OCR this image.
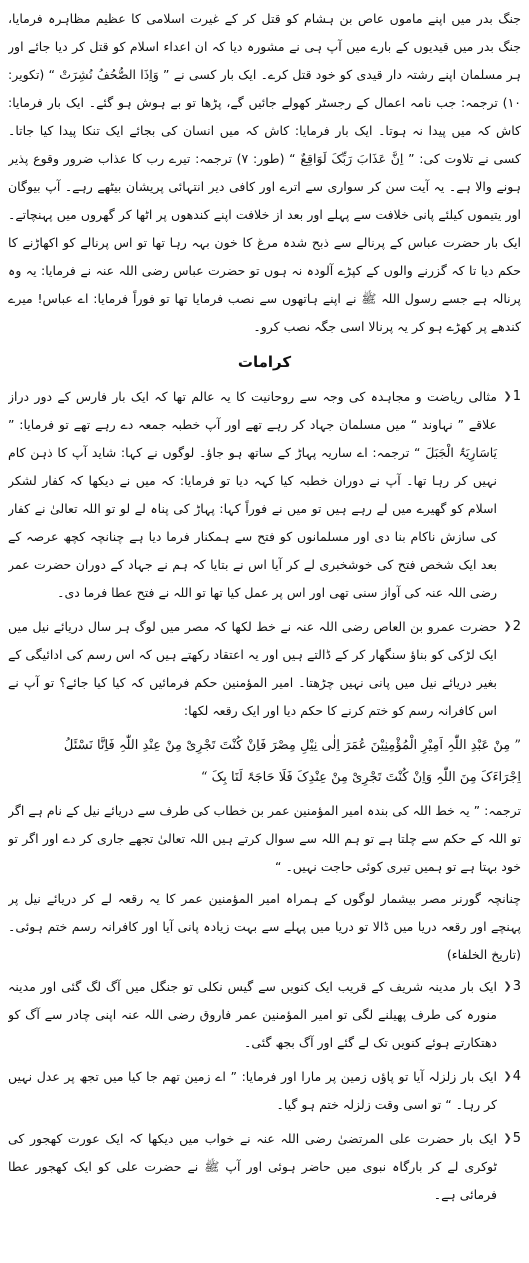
جنگ بدر میں اپنے ماموں عاص بن ہشام کو قتل کر کے غیرت اسلامی کا عظیم مظاہرہ فرمایا، جنگ بدر میں قیدیوں کے بارے میں آپ ہی نے مشورہ دیا کہ ان اعداء اسلام کو قتل کر دیا جائے اور ہر مسلمان اپنے رشتہ دار قیدی کو خود قتل کرے۔ ایک بار کسی نے ” وَاِذَا الصُّحُفُ نُشِرَتْ “ (تکویر: ۱۰) ترجمہ: جب نامہ اعمال کے رجسٹر کھولے جائیں گے، پڑھا تو بے ہوش ہو گئے۔ ایک بار فرمایا: کاش کہ میں پیدا نہ ہوتا۔ ایک بار فرمایا: کاش کہ میں انسان کی بجائے ایک تنکا پیدا کیا جاتا۔ کسی نے تلاوت کی: ” اِنَّ عَذَابَ رَبِّکَ لَوَاقِعٌ “ (طور: ۷) ترجمہ: تیرے رب کا عذاب ضرور وقوع پذیر ہونے والا ہے۔ یہ آیت سن کر سواری سے اترے اور کافی دیر انتہائی پریشان بیٹھے رہے۔ آپ بیوگان اور یتیموں کیلئے پانی خلافت سے پہلے اور بعد از خلافت اپنے کندھوں پر اٹھا کر گھروں میں پہنچاتے۔ ایک بار حضرت عباس کے پرنالے سے ذبح شدہ مرغ کا خون بہہ رہا تھا تو اس پرنالے کو اکھاڑنے کا حکم دیا تا کہ گزرنے والوں کے کپڑے آلودہ نہ ہوں تو حضرت عباس رضی اللہ عنہ نے فرمایا: یہ وہ پرنالہ ہے جسے رسول اللہ ﷺ نے اپنے ہاتھوں سے نصب فرمایا تھا تو فوراً فرمایا: اے عباس! میرے کندھے پر کھڑے ہو کر یہ پرنالا اسی جگہ نصب کرو۔

کرامات
1
❮
مثالی ریاضت و مجاہدہ کی وجہ سے روحانیت کا یہ عالم تھا کہ ایک بار فارس کے دور دراز علاقے ” نہاوند “ میں مسلمان جہاد کر رہے تھے اور آپ خطبہ جمعہ دے رہے تھے تو فرمایا: ” یَاسَارِیَۃُ الْجَبَلَ “ ترجمہ: اے ساریہ پہاڑ کے ساتھ ہو جاؤ۔ لوگوں نے کہا: شاید آپ کا ذہن کام نہیں کر رہا تھا۔ آپ نے دوران خطبہ کیا کہہ دیا تو فرمایا: کہ میں نے دیکھا کہ کفار لشکر اسلام کو گھیرے میں لے رہے ہیں تو میں نے فوراً کہا: پہاڑ کی پناہ لے لو تو اللہ تعالیٰ نے کفار کی سازش ناکام بنا دی اور مسلمانوں کو فتح سے ہمکنار فرما دیا ہے چنانچہ کچھ عرصہ کے بعد ایک شخص فتح کی خوشخبری لے کر آیا اس نے بتایا کہ ہم نے جہاد کے دوران حضرت عمر رضی اللہ عنہ کی آواز سنی تھی اور اس پر عمل کیا تھا تو اللہ نے فتح عطا فرما دی۔
2
❮
حضرت عمرو بن العاص رضی اللہ عنہ نے خط لکھا کہ مصر میں لوگ ہر سال دریائے نیل میں ایک لڑکی کو بناؤ سنگھار کر کے ڈالتے ہیں اور یہ اعتقاد رکھتے ہیں کہ اس رسم کی ادائیگی کے بغیر دریائے نیل میں پانی نہیں چڑھتا۔ امیر المؤمنین حکم فرمائیں کہ کیا کیا جائے؟ تو آپ نے اس کافرانہ رسم کو ختم کرنے کا حکم دیا اور ایک رقعہ لکھا:
” مِنْ عَبْدِ اللّٰہِ اَمِیْرِ الْمُؤْمِنِیْنَ عُمَرَ اِلٰی نِیْلِ مِصْرَ فَاِنْ کُنْتَ تَجْرِیْ مِنْ عِنْدِ اللّٰہِ فَاِنَّا نَسْئَلُ
اِجْرَاءَکَ مِنَ اللّٰہِ وَاِنْ کُنْتَ تَجْرِیْ مِنْ عِنْدِکَ فَلَا حَاجَۃَ لَنَا بِکَ “

ترجمہ: ” یہ خط اللہ کی بندہ امیر المؤمنین عمر بن خطاب کی طرف سے دریائے نیل کے نام ہے اگر تو اللہ کے حکم سے چلتا ہے تو ہم اللہ سے سوال کرتے ہیں اللہ تعالیٰ تجھے جاری کر دے اور اگر تو خود بہتا ہے تو ہمیں تیری کوئی حاجت نہیں۔ “

چنانچہ گورنر مصر بیشمار لوگوں کے ہمراہ امیر المؤمنین عمر کا یہ رقعہ لے کر دریائے نیل پر پہنچے اور رقعہ دریا میں ڈالا تو دریا میں پہلے سے بہت زیادہ پانی آیا اور کافرانہ رسم ختم ہوئی۔ (تاریخ الخلفاء)

3
❮
ایک بار مدینہ شریف کے قریب ایک کنویں سے گیس نکلی تو جنگل میں آگ لگ گئی اور مدینہ منورہ کی طرف پھیلنے لگی تو امیر المؤمنین عمر فاروق رضی اللہ عنہ اپنی چادر سے آگ کو دھتکارتے ہوئے کنویں تک لے گئے اور آگ بجھ گئی۔
4
❮
ایک بار زلزلہ آیا تو پاؤں زمین پر مارا اور فرمایا: ” اے زمین تھم جا کیا میں تجھ پر عدل نہیں کر رہا۔ “ تو اسی وقت زلزلہ ختم ہو گیا۔
5
❮
ایک بار حضرت علی المرتضیٰ رضی اللہ عنہ نے خواب میں دیکھا کہ ایک عورت کھجور کی ٹوکری لے کر بارگاہ نبوی میں حاضر ہوئی اور آپ ﷺ نے حضرت علی کو ایک کھجور عطا فرمائی ہے۔
